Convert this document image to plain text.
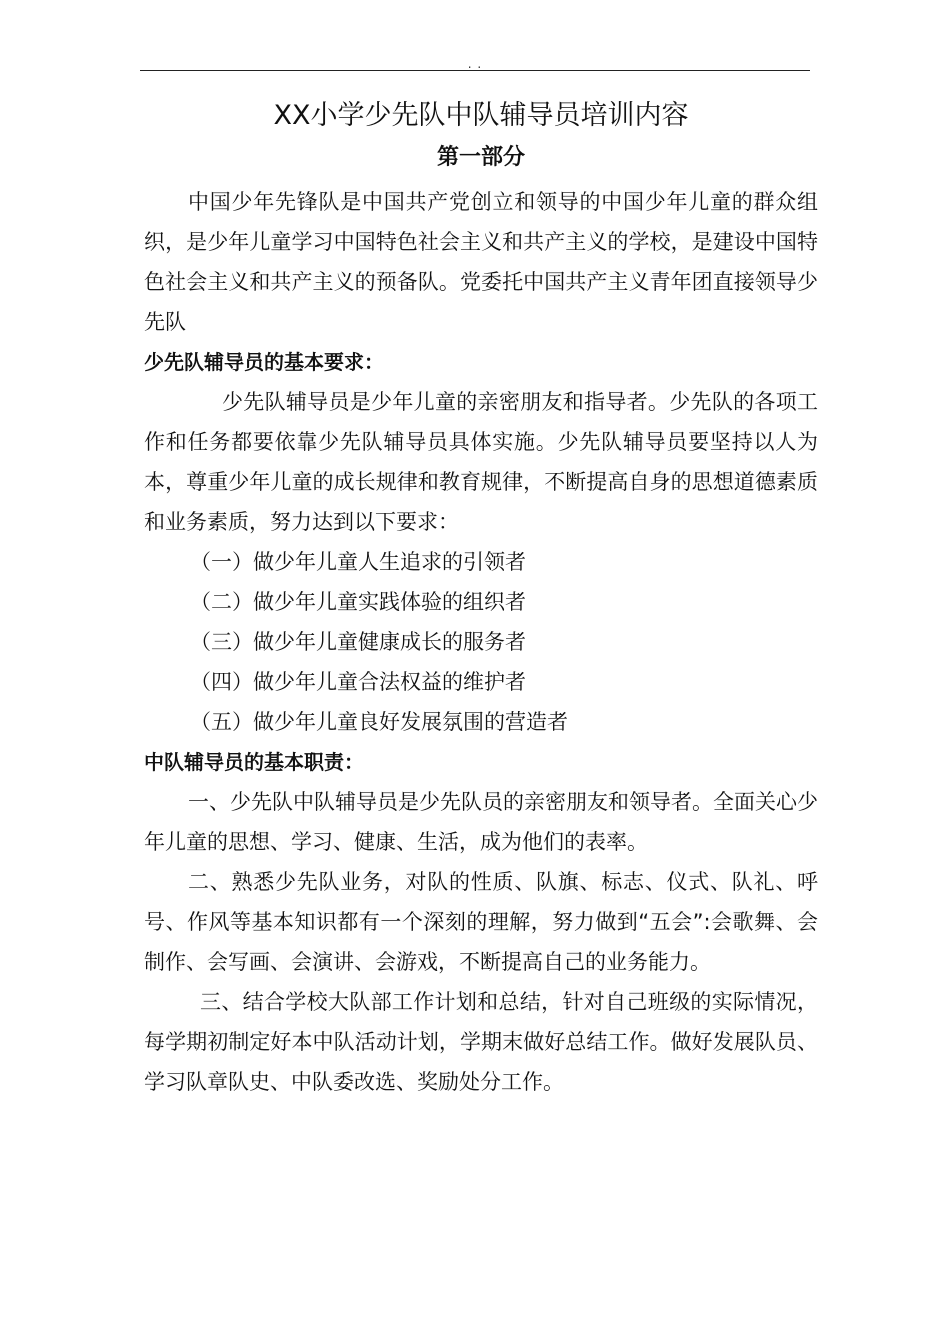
. .
XX小学少先队中队辅导员培训内容
第一部分

中国少年先锋队是中国共产党创立和领导的中国少年儿童的群众组织，是少年儿童学习中国特色社会主义和共产主义的学校，是建设中国特色社会主义和共产主义的预备队。党委托中国共产主义青年团直接领导少先队

少先队辅导员的基本要求：

少先队辅导员是少年儿童的亲密朋友和指导者。少先队的各项工作和任务都要依靠少先队辅导员具体实施。少先队辅导员要坚持以人为本，尊重少年儿童的成长规律和教育规律，不断提高自身的思想道德素质和业务素质，努力达到以下要求：

（一）做少年儿童人生追求的引领者
（二）做少年儿童实践体验的组织者
（三）做少年儿童健康成长的服务者
（四）做少年儿童合法权益的维护者
（五）做少年儿童良好发展氛围的营造者

中队辅导员的基本职责：

一、少先队中队辅导员是少先队员的亲密朋友和领导者。全面关心少年儿童的思想、学习、健康、生活，成为他们的表率。

二、熟悉少先队业务，对队的性质、队旗、标志、仪式、队礼、呼号、作风等基本知识都有一个深刻的理解，努力做到“五会”:会歌舞、会制作、会写画、会演讲、会游戏，不断提高自己的业务能力。

三、结合学校大队部工作计划和总结，针对自己班级的实际情况，每学期初制定好本中队活动计划，学期末做好总结工作。做好发展队员、学习队章队史、中队委改选、奖励处分工作。
